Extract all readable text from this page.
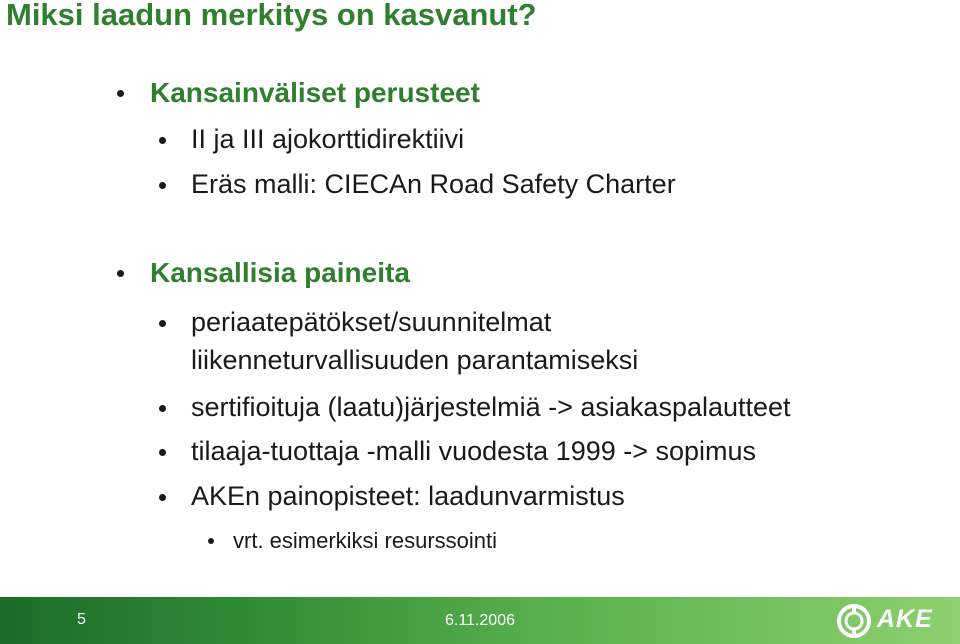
Miksi laadun merkitys on kasvanut?
Kansainväliset perusteet
II ja III ajokorttidirektiivi
Eräs malli: CIECAn Road Safety Charter
Kansallisia paineita
periaatepätökset/suunnitelmat
liikenneturvallisuuden parantamiseksi
sertifioituja (laatu)järjestelmiä -> asiakaspalautteet
tilaaja-tuottaja -malli vuodesta 1999 -> sopimus
AKEn painopisteet: laadunvarmistus
vrt. esimerkiksi resurssointi
5	6.11.2006	AKE
